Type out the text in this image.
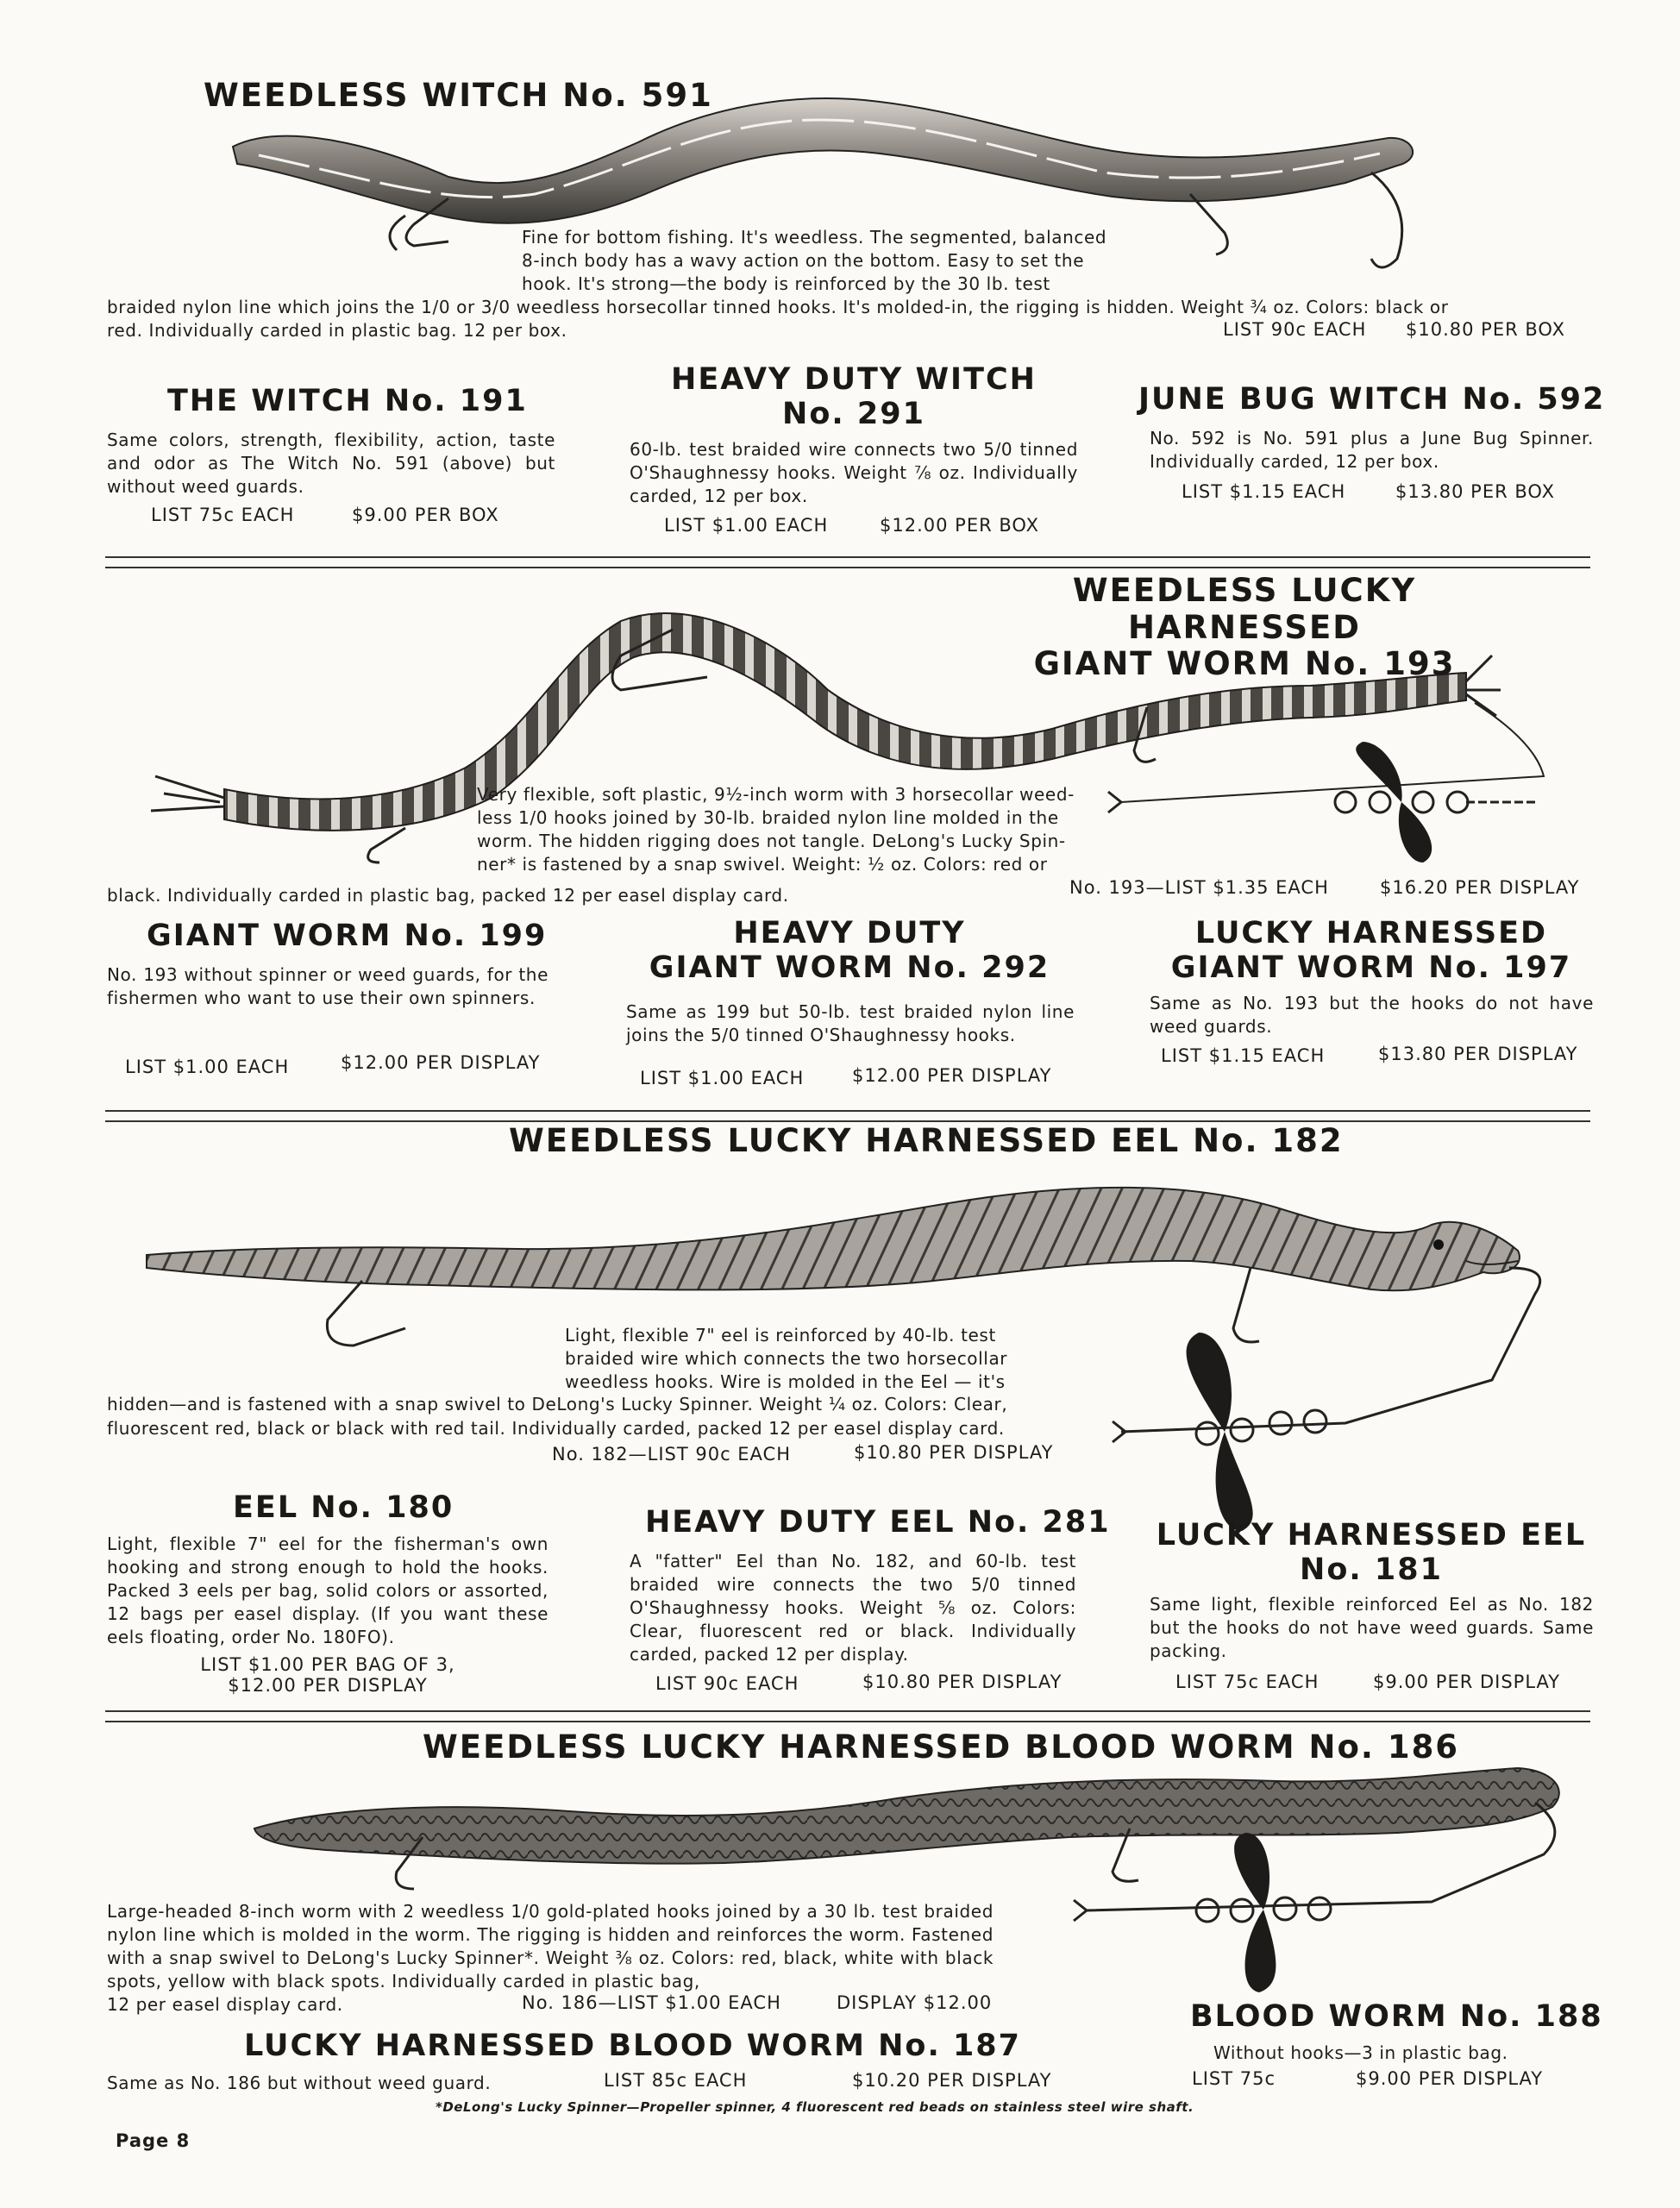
WEEDLESS WITCH No. 591
Fine for bottom fishing. It's weedless. The segmented, balanced
8-inch body has a wavy action on the bottom. Easy to set the
hook. It's strong—the body is reinforced by the 30 lb. test
braided nylon line which joins the 1/0 or 3/0 weedless horsecollar tinned hooks. It's molded-in, the rigging is hidden. Weight ¾ oz. Colors: black or
red. Individually carded in plastic bag. 12 per box.	LIST 90c EACH $10.80 PER BOX
THE WITCH No. 191
Same colors, strength, flexibility, action, taste and odor as The Witch No. 591 (above) but without weed guards.
LIST 75c EACH	$9.00 PER BOX
HEAVY DUTY WITCH
No. 291
60-lb. test braided wire connects two 5/0 tinned O'Shaughnessy hooks. Weight ⅞ oz. Individually carded, 12 per box.
LIST $1.00 EACH	$12.00 PER BOX
JUNE BUG WITCH No. 592
No. 592 is No. 591 plus a June Bug Spinner. Individually carded, 12 per box.
LIST $1.15 EACH	$13.80 PER BOX
WEEDLESS LUCKY HARNESSED
GIANT WORM No. 193
Very flexible, soft plastic, 9½-inch worm with 3 horsecollar weed-
less 1/0 hooks joined by 30-lb. braided nylon line molded in the
worm. The hidden rigging does not tangle. DeLong's Lucky Spin-
ner* is fastened by a snap swivel. Weight: ½ oz. Colors: red or
black. Individually carded in plastic bag, packed 12 per easel display card.	No. 193—LIST $1.35 EACH	$16.20 PER DISPLAY
GIANT WORM No. 199
No. 193 without spinner or weed guards, for the fishermen who want to use their own spinners.
LIST $1.00 EACH	$12.00 PER DISPLAY
HEAVY DUTY
GIANT WORM No. 292
Same as 199 but 50-lb. test braided nylon line joins the 5/0 tinned O'Shaughnessy hooks.
LIST $1.00 EACH	$12.00 PER DISPLAY
LUCKY HARNESSED
GIANT WORM No. 197
Same as No. 193 but the hooks do not have weed guards.
LIST $1.15 EACH	$13.80 PER DISPLAY
WEEDLESS LUCKY HARNESSED EEL No. 182
Light, flexible 7" eel is reinforced by 40-lb. test
braided wire which connects the two horsecollar
weedless hooks. Wire is molded in the Eel — it's
hidden—and is fastened with a snap swivel to DeLong's Lucky Spinner. Weight ¼ oz. Colors: Clear,
fluorescent red, black or black with red tail. Individually carded, packed 12 per easel display card.
No. 182—LIST 90c EACH	$10.80 PER DISPLAY
EEL No. 180
Light, flexible 7" eel for the fisherman's own hooking and strong enough to hold the hooks. Packed 3 eels per bag, solid colors or assorted, 12 bags per easel display. (If you want these eels floating, order No. 180FO).
LIST $1.00 PER BAG OF 3,
$12.00 PER DISPLAY
HEAVY DUTY EEL No. 281
A "fatter" Eel than No. 182, and 60-lb. test braided wire connects the two 5/0 tinned O'Shaughnessy hooks. Weight ⅝ oz. Colors: Clear, fluorescent red or black. Individually carded, packed 12 per display.
LIST 90c EACH	$10.80 PER DISPLAY
LUCKY HARNESSED EEL
No. 181
Same light, flexible reinforced Eel as No. 182 but the hooks do not have weed guards. Same packing.
LIST 75c EACH	$9.00 PER DISPLAY
WEEDLESS LUCKY HARNESSED BLOOD WORM No. 186
Large-headed 8-inch worm with 2 weedless 1/0 gold-plated hooks joined by a 30 lb. test braided nylon line which is molded in the worm. The rigging is hidden and reinforces the worm. Fastened with a snap swivel to DeLong's Lucky Spinner*. Weight ⅜ oz. Colors: red, black, white with black spots, yellow with black spots. Individually carded in plastic bag,
12 per easel display card.	No. 186—LIST $1.00 EACH	DISPLAY $12.00	BLOOD WORM No. 188
Without hooks—3 in plastic bag.
LIST 75c	$9.00 PER DISPLAY
LUCKY HARNESSED BLOOD WORM No. 187
Same as No. 186 but without weed guard.	LIST 85c EACH	$10.20 PER DISPLAY
*DeLong's Lucky Spinner—Propeller spinner, 4 fluorescent red beads on stainless steel wire shaft.
Page 8
